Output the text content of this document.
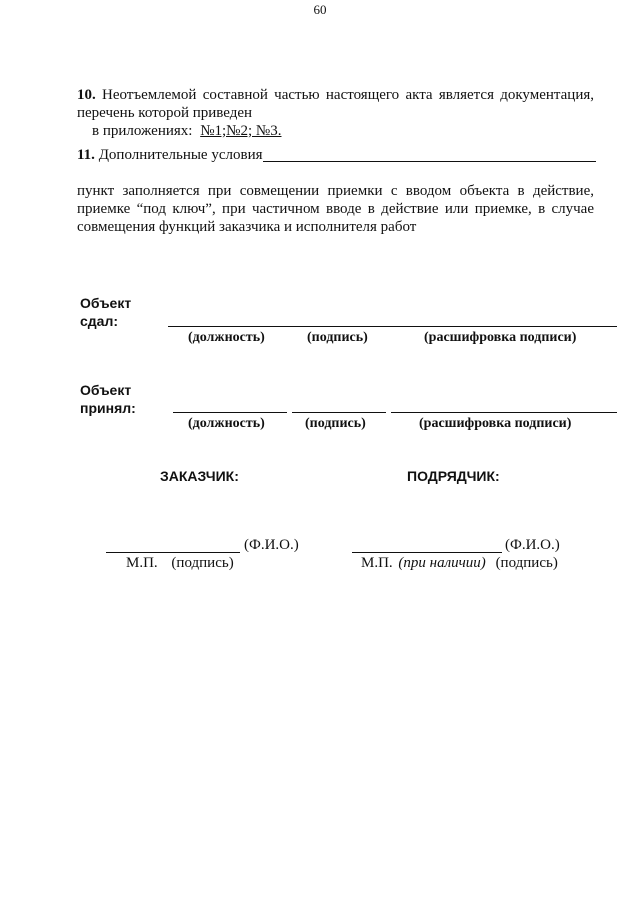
60
10. Неотъемлемой составной частью настоящего акта является документация,
перечень которой приведен
в приложениях: №1;№2; №3.
11. Дополнительные условия
пункт заполняется при совмещении приемки с вводом объекта в действие,
приемке “под ключ”, при частичном вводе в действие или приемке, в случае
совмещения функций заказчика и исполнителя работ
Объект
сдал:
(должность)	(подпись)	(расшифровка подписи)
Объект
принял:
(должность)	(подпись)	(расшифровка подписи)
ЗАКАЗЧИК:	ПОДРЯДЧИК:
(Ф.И.О.)
М.П. (подпись)
(Ф.И.О.)
М.П. (при наличии) (подпись)
